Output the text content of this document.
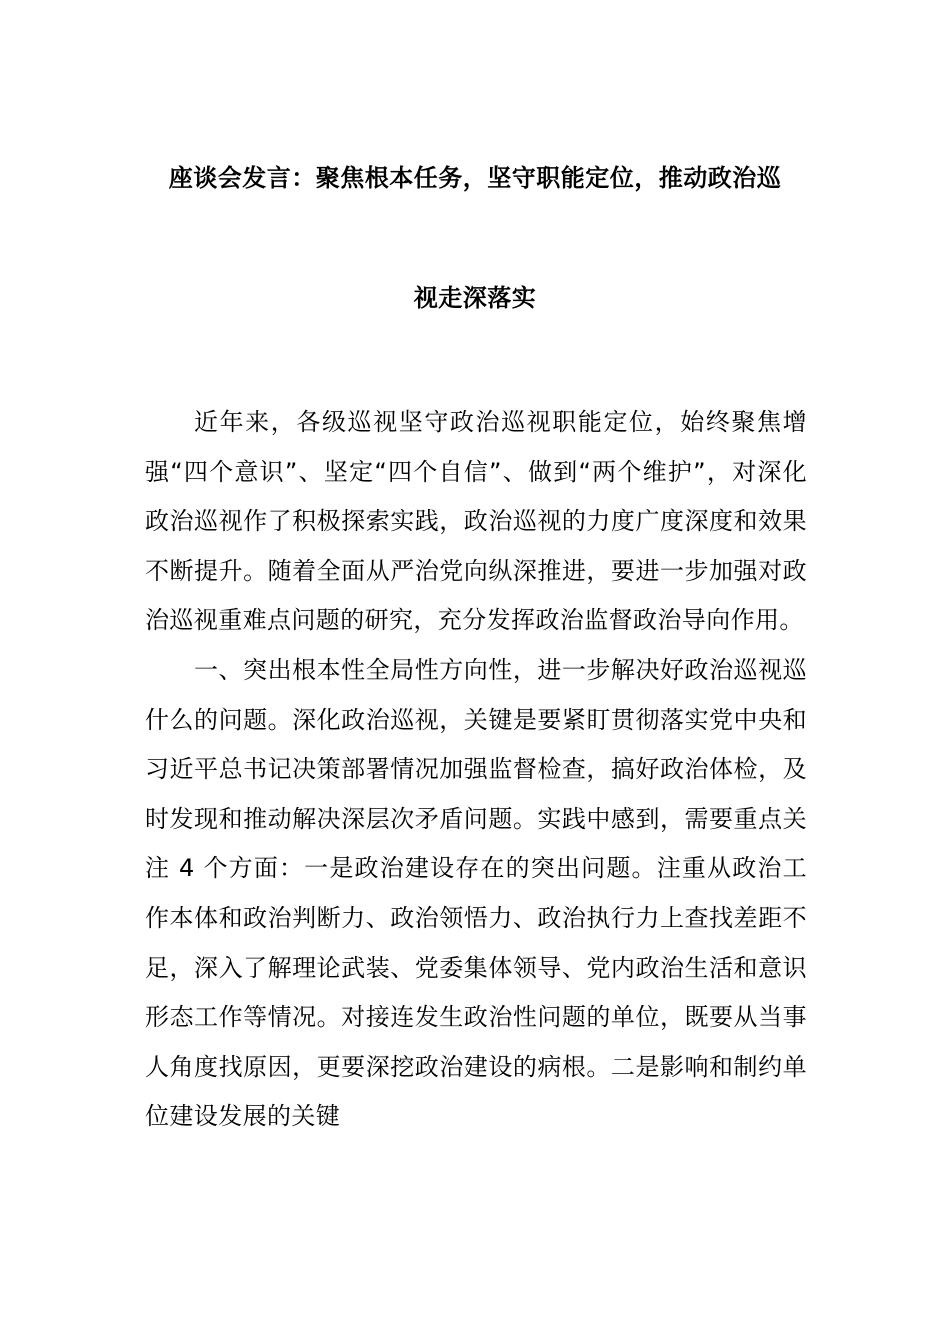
座谈会发言：聚焦根本任务，坚守职能定位，推动政治巡
视走深落实

近年来，各级巡视坚守政治巡视职能定位，始终聚焦增强“四个意识”、坚定“四个自信”、做到“两个维护”，对深化政治巡视作了积极探索实践，政治巡视的力度广度深度和效果不断提升。随着全面从严治党向纵深推进，要进一步加强对政治巡视重难点问题的研究，充分发挥政治监督政治导向作用。

一、突出根本性全局性方向性，进一步解决好政治巡视巡什么的问题。深化政治巡视，关键是要紧盯贯彻落实党中央和习近平总书记决策部署情况加强监督检查，搞好政治体检，及时发现和推动解决深层次矛盾问题。实践中感到，需要重点关注 4 个方面：一是政治建设存在的突出问题。注重从政治工作本体和政治判断力、政治领悟力、政治执行力上查找差距不足，深入了解理论武装、党委集体领导、党内政治生活和意识形态工作等情况。对接连发生政治性问题的单位，既要从当事人角度找原因，更要深挖政治建设的病根。二是影响和制约单位建设发展的关键
